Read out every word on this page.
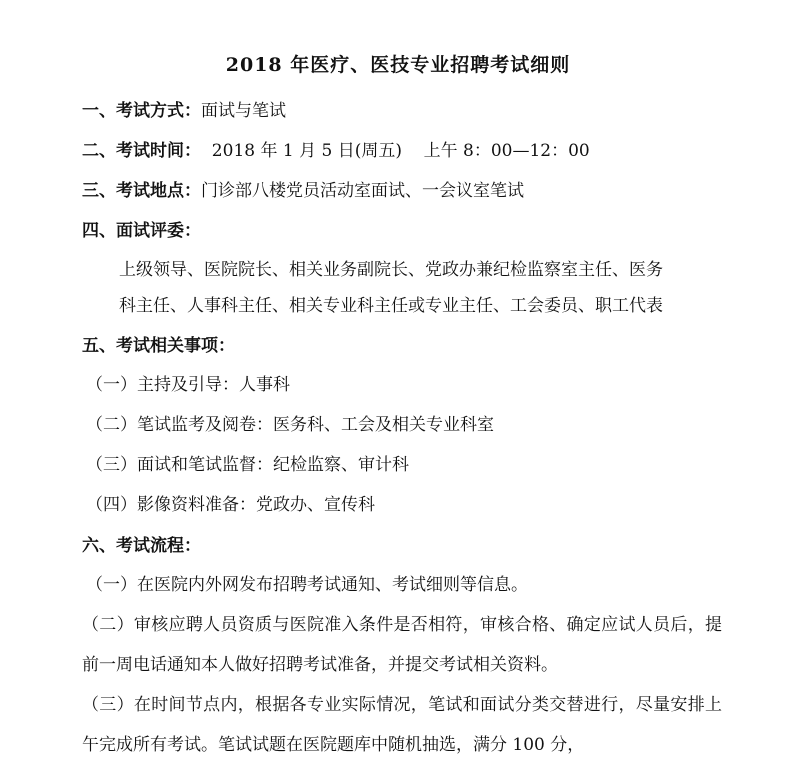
2018 年医疗、医技专业招聘考试细则
一、考试方式：面试与笔试
二、考试时间：  2018 年 1 月 5 日(周五)    上午 8：00—12：00
三、考试地点：门诊部八楼党员活动室面试、一会议室笔试
四、面试评委：
上级领导、医院院长、相关业务副院长、党政办兼纪检监察室主任、医务
科主任、人事科主任、相关专业科主任或专业主任、工会委员、职工代表
五、考试相关事项：
（一）主持及引导：人事科
（二）笔试监考及阅卷：医务科、工会及相关专业科室
（三）面试和笔试监督：纪检监察、审计科
（四）影像资料准备：党政办、宣传科
六、考试流程：
（一）在医院内外网发布招聘考试通知、考试细则等信息。
（二）审核应聘人员资质与医院准入条件是否相符，审核合格、确定应试人员后，提前一周电话通知本人做好招聘考试准备，并提交考试相关资料。
（三）在时间节点内，根据各专业实际情况，笔试和面试分类交替进行，尽量安排上午完成所有考试。笔试试题在医院题库中随机抽选，满分 100 分，
